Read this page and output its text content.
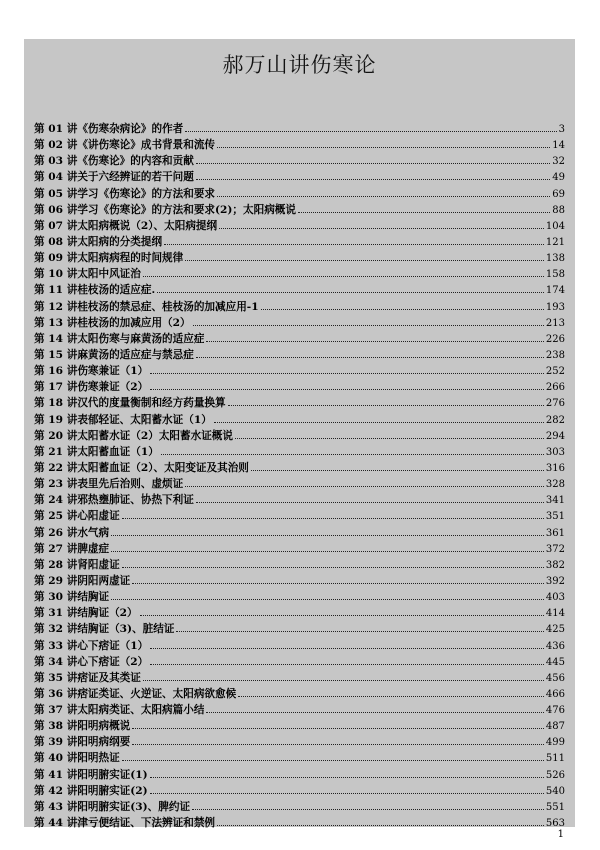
郝万山讲伤寒论
第 01 讲 《伤寒杂病论》的作者	3
第 02 讲 《讲伤寒论》成书背景和流传	14
第 03 讲 《伤寒论》的内容和贡献	32
第 04 讲 关于六经辨证的若干问题	49
第 05 讲 学习《伤寒论》的方法和要求	69
第 06 讲 学习《伤寒论》的方法和要求(2)；太阳病概说	88
第 07 讲 太阳病概说（2）、太阳病提纲	104
第 08 讲 太阳病的分类提纲	121
第 09 讲 太阳病病程的时间规律	138
第 10 讲 太阳中风证治	158
第 11 讲 桂枝汤的适应症.	174
第 12 讲 桂枝汤的禁忌症、桂枝汤的加减应用-1	193
第 13 讲 桂枝汤的加减应用（2）	213
第 14 讲 太阳伤寒与麻黄汤的适应症	226
第 15 讲 麻黄汤的适应症与禁忌症	238
第 16 讲 伤寒兼证（1）	252
第 17 讲 伤寒兼证（2）	266
第 18 讲 汉代的度量衡制和经方药量换算	276
第 19 讲 表郁轻证、太阳蓄水证（1）	282
第 20 讲 太阳蓄水证（2）太阳蓄水证概说	294
第 21 讲 太阳蓄血证（1）	303
第 22 讲 太阳蓄血证（2）、太阳变证及其治则	316
第 23 讲 表里先后治则、虚烦证	328
第 24 讲 邪热壅肺证、协热下利证	341
第 25 讲 心阳虚证	351
第 26 讲 水气病	361
第 27 讲 脾虚症	372
第 28 讲 肾阳虚证	382
第 29 讲 阴阳两虚证	392
第 30 讲 结胸证	403
第 31 讲 结胸证（2）	414
第 32 讲 结胸证（3)、脏结证	425
第 33 讲 心下痞证（1）	436
第 34 讲 心下痞证（2）	445
第 35 讲 痞证及其类证	456
第 36 讲 痞证类证、火逆证、太阳病欲愈候	466
第 37 讲 太阳病类证、太阳病篇小结	476
第 38 讲 阳明病概说	487
第 39 讲 阳明病纲要	499
第 40 讲 阳明热证	511
第 41 讲 阳明腑实证(1)	526
第 42 讲 阳明腑实证(2)	540
第 43 讲 阳明腑实证(3)、脾约证	551
第 44 讲 津亏便结证、下法辨证和禁例	563
1
